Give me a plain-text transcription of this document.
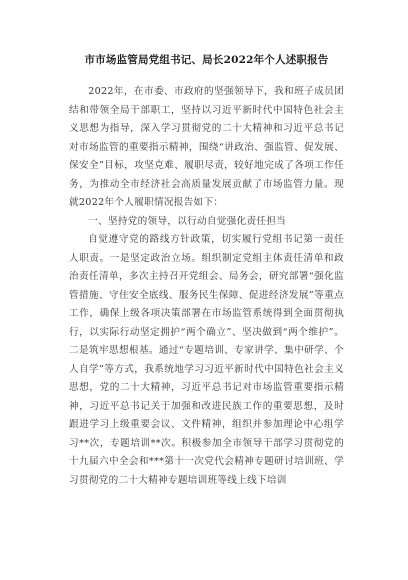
市市场监管局党组书记、局长2022年个人述职报告

2022年，在市委、市政府的坚强领导下，我和班子成员团结和带领全局干部职工，坚持以习近平新时代中国特色社会主义思想为指导，深入学习贯彻党的二十大精神和习近平总书记对市场监管的重要指示精神，围绕“讲政治、强监管、促发展、保安全”目标，攻坚克难、履职尽责，较好地完成了各项工作任务，为推动全市经济社会高质量发展贡献了市场监管力量。现就2022年个人履职情况报告如下：

一、坚持党的领导，以行动自觉强化责任担当

自觉遵守党的路线方针政策，切实履行党组书记第一责任人职责。一是坚定政治立场。组织制定党组主体责任清单和政治责任清单，多次主持召开党组会、局务会，研究部署“强化监管措施、守住安全底线、服务民生保障、促进经济发展”等重点工作，确保上级各项决策部署在市场监管系统得到全面贯彻执行，以实际行动坚定拥护“两个确立”、坚决做到“两个维护”。二是筑牢思想根基。通过“专题培训、专家讲学、集中研学、个人自学”等方式，我系统地学习习近平新时代中国特色社会主义思想，党的二十大精神，习近平总书记对市场监管重要指示精神，习近平总书记关于加强和改进民族工作的重要思想，及时跟进学习上级重要会议、文件精神，组织并参加理论中心组学习**次，专题培训**次。积极参加全市领导干部学习贯彻党的十九届六中全会和***第十一次党代会精神专题研讨培训班、学习贯彻党的二十大精神专题培训班等线上线下培训
